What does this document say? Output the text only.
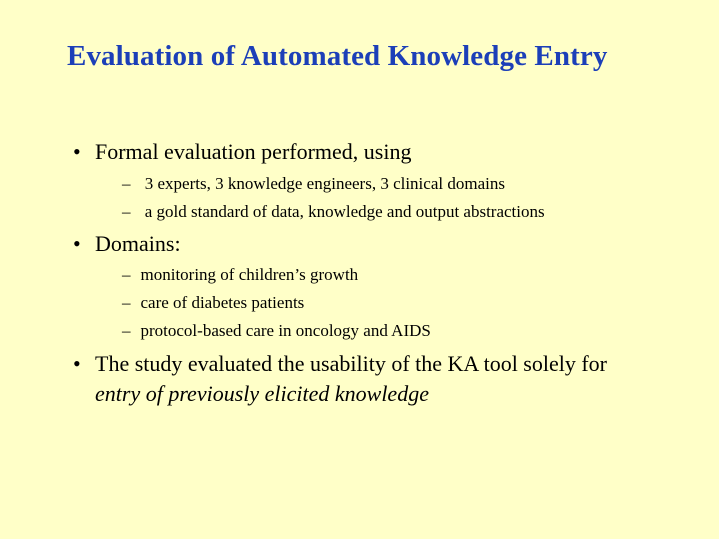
Evaluation of Automated Knowledge Entry
• Formal evaluation performed, using
–   3 experts, 3 knowledge engineers, 3 clinical domains
–   a gold standard of data, knowledge and output abstractions
• Domains:
– monitoring of children’s growth
– care of diabetes patients
– protocol-based care in oncology and AIDS
• The study evaluated the usability of the KA tool solely for
entry of previously elicited knowledge
